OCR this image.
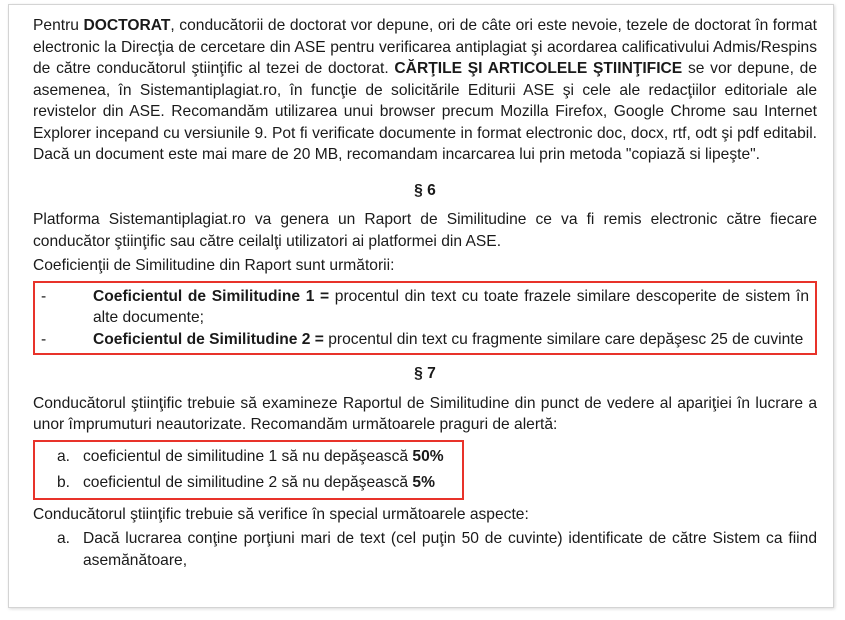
Pentru DOCTORAT, conducătorii de doctorat vor depune, ori de câte ori este nevoie, tezele de doctorat în format electronic la Direcţia de cercetare din ASE pentru verificarea antiplagiat şi acordarea calificativului Admis/Respins de către conducătorul ştiinţific al tezei de doctorat. CĂRŢILE ŞI ARTICOLELE ŞTIINŢIFICE se vor depune, de asemenea, în Sistemantiplagiat.ro, în funcţie de solicitările Editurii ASE şi cele ale redacţiilor editoriale ale revistelor din ASE. Recomandăm utilizarea unui browser precum Mozilla Firefox, Google Chrome sau Internet Explorer incepand cu versiunile 9. Pot fi verificate documente in format electronic doc, docx, rtf, odt şi pdf editabil. Dacă un document este mai mare de 20 MB, recomandam incarcarea lui prin metoda "copiază si lipeşte".

§ 6

Platforma Sistemantiplagiat.ro va genera un Raport de Similitudine ce va fi remis electronic către fiecare conducător ştiinţific sau către ceilalţi utilizatori ai platformei din ASE.

Coeficienţii de Similitudine din Raport sunt următorii:

-	Coeficientul de Similitudine 1 = procentul din text cu toate frazele similare descoperite de sistem în alte documente;
-	Coeficientul de Similitudine 2 = procentul din text cu fragmente similare care depăşesc 25 de cuvinte
§ 7

Conducătorul ştiinţific trebuie să examineze Raportul de Similitudine din punct de vedere al apariţiei în lucrare a unor împrumuturi neautorizate. Recomandăm următoarele praguri de alertă:

a. coeficientul de similitudine 1 să nu depăşească 50%
b. coeficientul de similitudine 2 să nu depăşească 5%

Conducătorul ştiinţific trebuie să verifice în special următoarele aspecte:

a. Dacă lucrarea conţine porţiuni mari de text (cel puţin 50 de cuvinte) identificate de către Sistem ca fiind asemănătoare,
